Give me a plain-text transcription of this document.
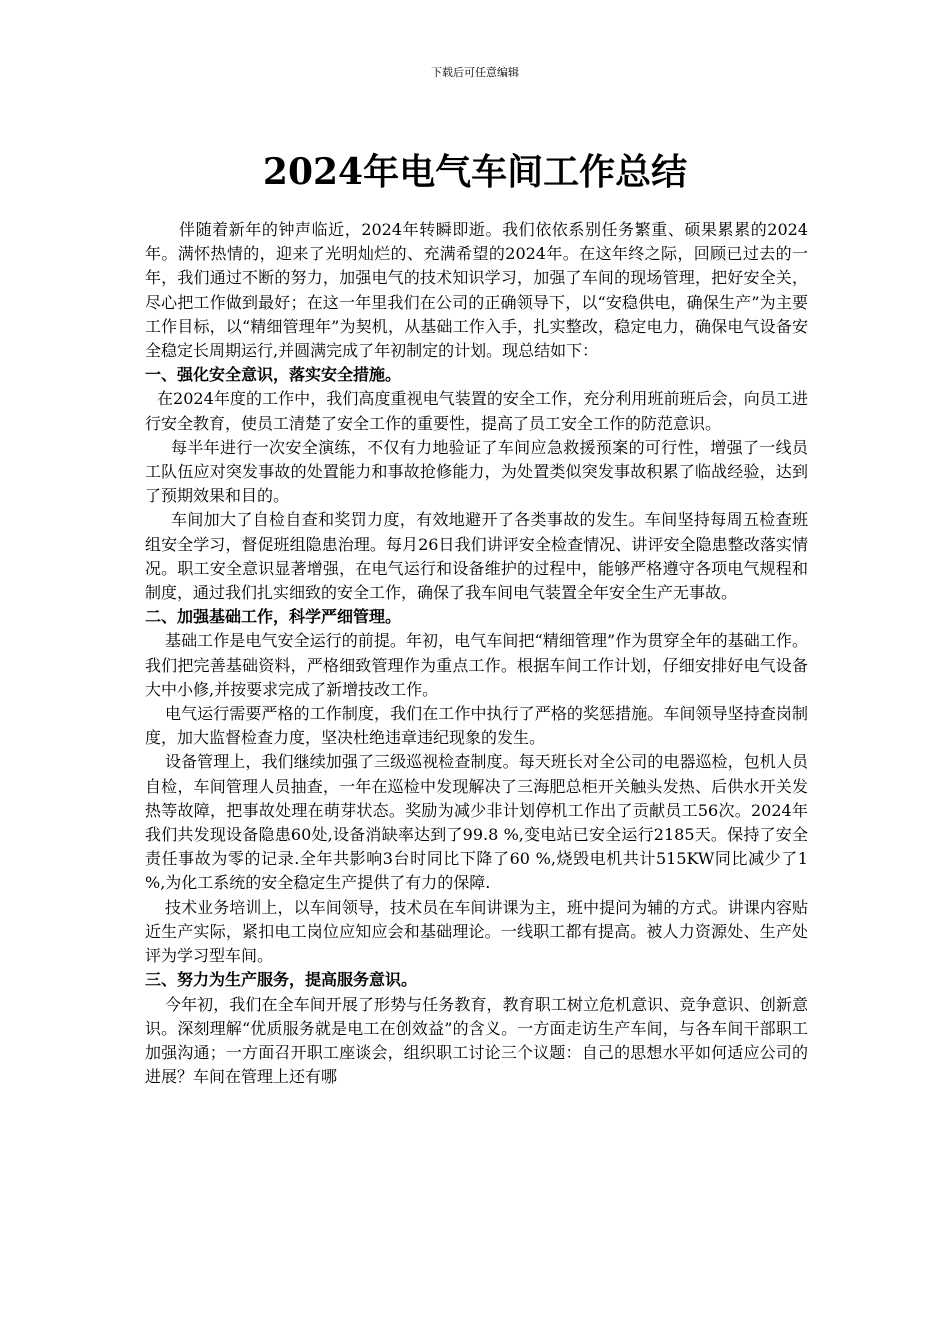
下载后可任意编辑
2024年电气车间工作总结

伴随着新年的钟声临近，2024年转瞬即逝。我们依依系别任务繁重、硕果累累的2024年。满怀热情的，迎来了光明灿烂的、充满希望的2024年。在这年终之际，回顾已过去的一年，我们通过不断的努力，加强电气的技术知识学习，加强了车间的现场管理，把好安全关，尽心把工作做到最好；在这一年里我们在公司的正确领导下，以“安稳供电，确保生产”为主要工作目标，以“精细管理年”为契机，从基础工作入手，扎实整改，稳定电力，确保电气设备安全稳定长周期运行,并圆满完成了年初制定的计划。现总结如下：

一、强化安全意识，落实安全措施。

在2024年度的工作中，我们高度重视电气装置的安全工作，充分利用班前班后会，向员工进行安全教育，使员工清楚了安全工作的重要性，提高了员工安全工作的防范意识。

每半年进行一次安全演练，不仅有力地验证了车间应急救援预案的可行性，增强了一线员工队伍应对突发事故的处置能力和事故抢修能力，为处置类似突发事故积累了临战经验，达到了预期效果和目的。

车间加大了自检自查和奖罚力度，有效地避开了各类事故的发生。车间坚持每周五检查班组安全学习，督促班组隐患治理。每月26日我们讲评安全检查情况、讲评安全隐患整改落实情况。职工安全意识显著增强，在电气运行和设备维护的过程中，能够严格遵守各项电气规程和制度，通过我们扎实细致的安全工作，确保了我车间电气装置全年安全生产无事故。

二、加强基础工作，科学严细管理。

基础工作是电气安全运行的前提。年初，电气车间把“精细管理”作为贯穿全年的基础工作。我们把完善基础资料，严格细致管理作为重点工作。根据车间工作计划，仔细安排好电气设备大中小修,并按要求完成了新增技改工作。

电气运行需要严格的工作制度，我们在工作中执行了严格的奖惩措施。车间领导坚持查岗制度，加大监督检查力度，坚决杜绝违章违纪现象的发生。

设备管理上，我们继续加强了三级巡视检查制度。每天班长对全公司的电器巡检，包机人员自检，车间管理人员抽查，一年在巡检中发现解决了三海肥总柜开关触头发热、后供水开关发热等故障，把事故处理在萌芽状态。奖励为减少非计划停机工作出了贡献员工56次。2024年我们共发现设备隐患60处,设备消缺率达到了99.8 %,变电站已安全运行2185天。保持了安全责任事故为零的记录.全年共影响3台时同比下降了60 %,烧毁电机共计515KW同比减少了1 %,为化工系统的安全稳定生产提供了有力的保障.

技术业务培训上，以车间领导，技术员在车间讲课为主，班中提问为辅的方式。讲课内容贴近生产实际，紧扣电工岗位应知应会和基础理论。一线职工都有提高。被人力资源处、生产处评为学习型车间。

三、努力为生产服务，提高服务意识。

今年初，我们在全车间开展了形势与任务教育，教育职工树立危机意识、竞争意识、创新意识。深刻理解“优质服务就是电工在创效益”的含义。一方面走访生产车间，与各车间干部职工加强沟通；一方面召开职工座谈会，组织职工讨论三个议题：自己的思想水平如何适应公司的进展？车间在管理上还有哪
